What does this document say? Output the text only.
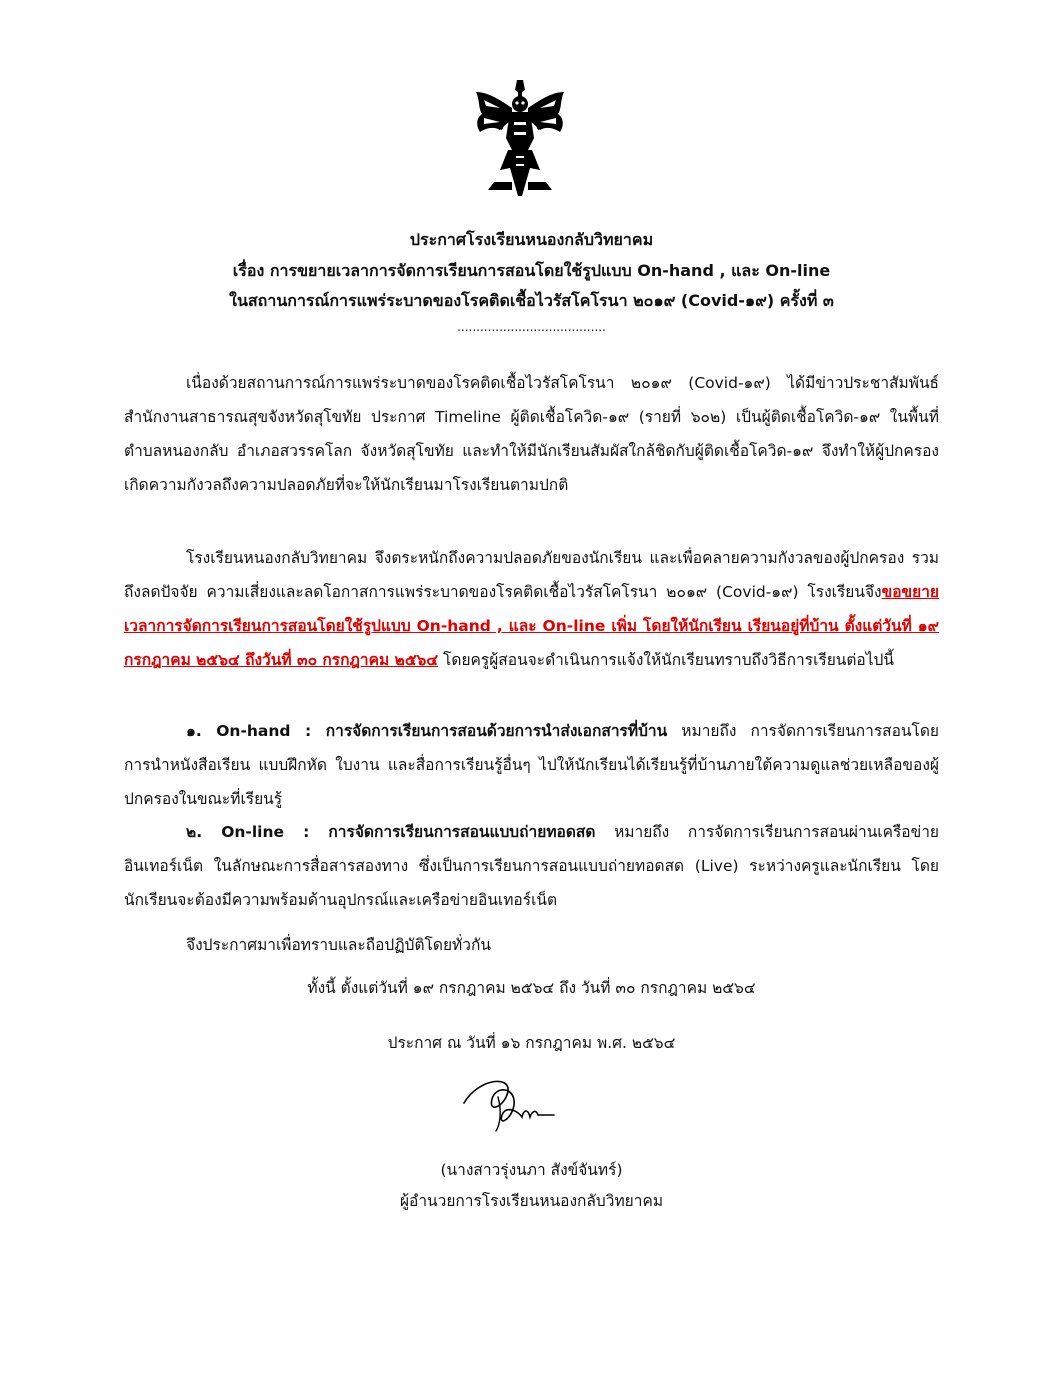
ประกาศโรงเรียนหนองกลับวิทยาคม
เรื่อง การขยายเวลาการจัดการเรียนการสอนโดยใช้รูปแบบ On-hand , และ On-line
ในสถานการณ์การแพร่ระบาดของโรคติดเชื้อไวรัสโคโรนา ๒๐๑๙ (Covid-๑๙) ครั้งที่ ๓
.......................................

เนื่องด้วยสถานการณ์การแพร่ระบาดของโรคติดเชื้อไวรัสโคโรนา ๒๐๑๙ (Covid-๑๙) ได้มีข่าวประชาสัมพันธ์สำนักงานสาธารณสุขจังหวัดสุโขทัย ประกาศ Timeline ผู้ติดเชื้อโควิด-๑๙ (รายที่ ๖๐๒) เป็นผู้ติดเชื้อโควิด-๑๙ ในพื้นที่ตำบลหนองกลับ อำเภอสวรรคโลก จังหวัดสุโขทัย และทำให้มีนักเรียนสัมผัสใกล้ชิดกับผู้ติดเชื้อโควิด-๑๙ จึงทำให้ผู้ปกครองเกิดความกังวลถึงความปลอดภัยที่จะให้นักเรียนมาโรงเรียนตามปกติ

โรงเรียนหนองกลับวิทยาคม จึงตระหนักถึงความปลอดภัยของนักเรียน และเพื่อคลายความกังวลของผู้ปกครอง รวมถึงลดปัจจัย ความเสี่ยงและลดโอกาสการแพร่ระบาดของโรคติดเชื้อไวรัสโคโรนา ๒๐๑๙ (Covid-๑๙) โรงเรียนจึงขอขยายเวลาการจัดการเรียนการสอนโดยใช้รูปแบบ On-hand , และ On-line เพิ่ม โดยให้นักเรียน เรียนอยู่ที่บ้าน ตั้งแต่วันที่ ๑๙ กรกฎาคม ๒๕๖๔ ถึงวันที่ ๓๐ กรกฎาคม ๒๕๖๔ โดยครูผู้สอนจะดำเนินการแจ้งให้นักเรียนทราบถึงวิธีการเรียนต่อไปนี้

๑. On-hand : การจัดการเรียนการสอนด้วยการนำส่งเอกสารที่บ้าน หมายถึง การจัดการเรียนการสอนโดยการนำหนังสือเรียน แบบฝึกหัด ใบงาน และสื่อการเรียนรู้อื่นๆ ไปให้นักเรียนได้เรียนรู้ที่บ้านภายใต้ความดูแลช่วยเหลือของผู้ปกครองในขณะที่เรียนรู้

๒. On-line : การจัดการเรียนการสอนแบบถ่ายทอดสด หมายถึง การจัดการเรียนการสอนผ่านเครือข่ายอินเทอร์เน็ต ในลักษณะการสื่อสารสองทาง ซึ่งเป็นการเรียนการสอนแบบถ่ายทอดสด (Live) ระหว่างครูและนักเรียน โดยนักเรียนจะต้องมีความพร้อมด้านอุปกรณ์และเครือข่ายอินเทอร์เน็ต

จึงประกาศมาเพื่อทราบและถือปฏิบัติโดยทั่วกัน

ทั้งนี้ ตั้งแต่วันที่ ๑๙ กรกฎาคม ๒๕๖๔ ถึง วันที่ ๓๐ กรกฎาคม ๒๕๖๔
ประกาศ ณ วันที่ ๑๖ กรกฎาคม พ.ศ. ๒๕๖๔
(นางสาวรุ่งนภา สังข์จันทร์)
ผู้อำนวยการโรงเรียนหนองกลับวิทยาคม
